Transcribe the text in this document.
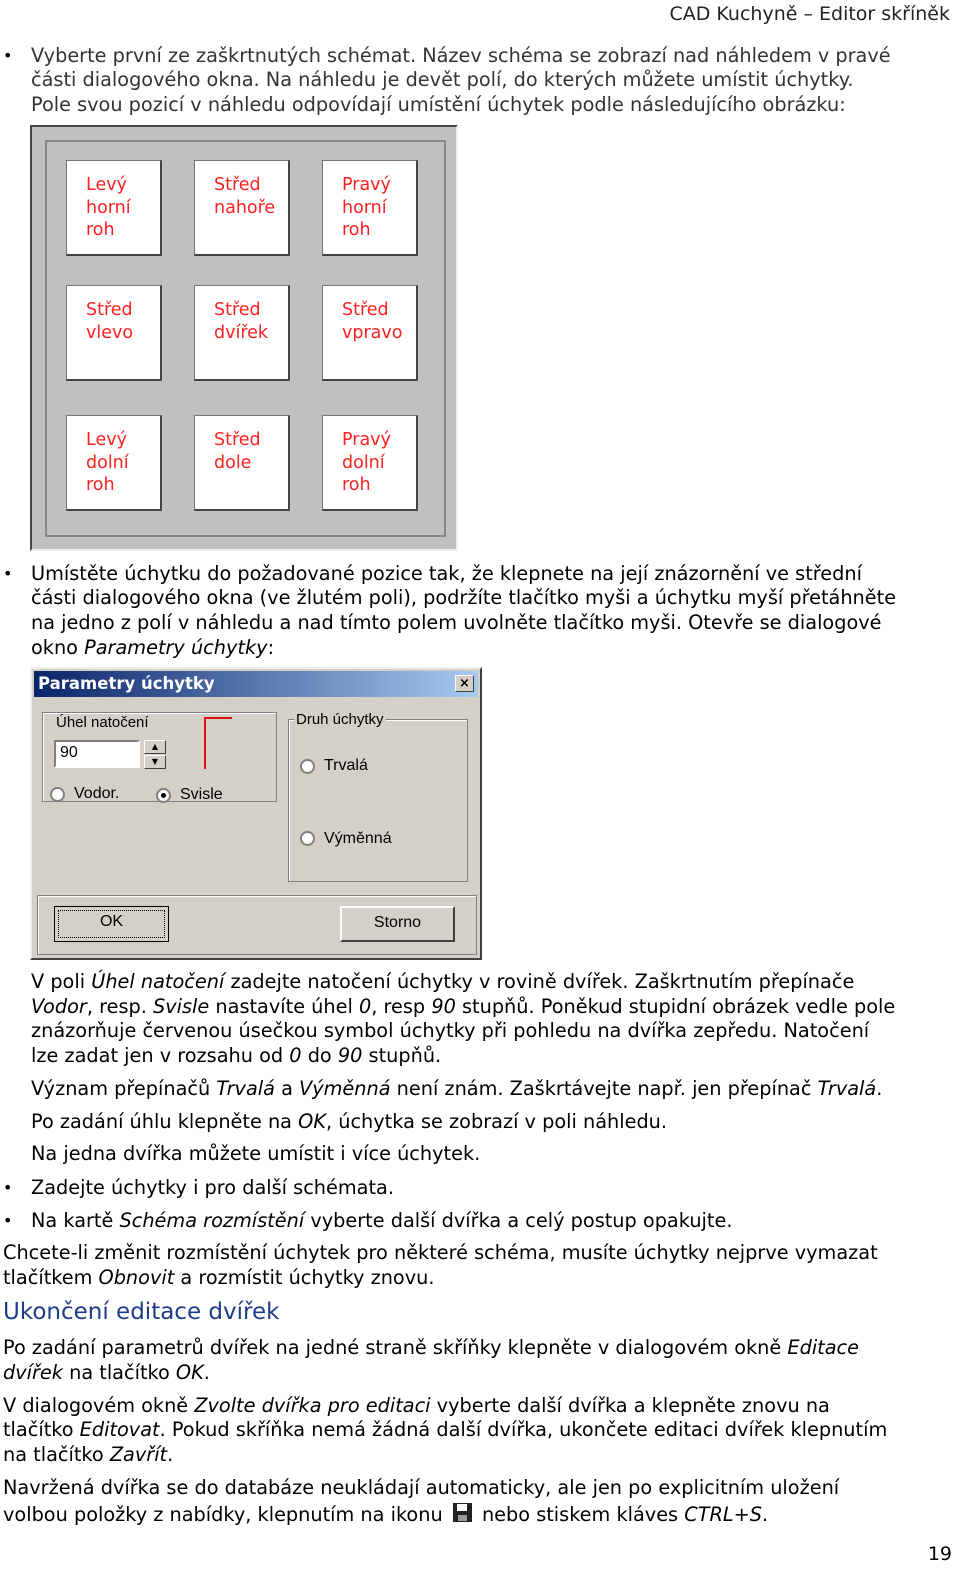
CAD Kuchyně – Editor skříněk
• Vyberte první ze zaškrtnutých schémat. Název schéma se zobrazí nad náhledem v pravé
části dialogového okna. Na náhledu je devět polí, do kterých můžete umístit úchytky.
Pole svou pozicí v náhledu odpovídají umístění úchytek podle následujícího obrázku:
Levý
horní
roh
Střed
nahoře
Pravý
horní
roh
Střed
vlevo
Střed
dvířek
Střed
vpravo
Levý
dolní
roh
Střed
dole
Pravý
dolní
roh
• Umístěte úchytku do požadované pozice tak, že klepnete na její znázornění ve střední
části dialogového okna (ve žlutém poli), podržíte tlačítko myši a úchytku myší přetáhněte
na jedno z polí v náhledu a nad tímto polem uvolněte tlačítko myši. Otevře se dialogové
okno Parametry úchytky:
Parametry úchytky	×
Úhel natočení
90	▲
▼
Vodor.	Svisle
Druh úchytky
Trvalá
Výměnná
OK	Storno
V poli Úhel natočení zadejte natočení úchytky v rovině dvířek. Zaškrtnutím přepínače
Vodor, resp. Svisle nastavíte úhel 0, resp 90 stupňů. Poněkud stupidní obrázek vedle pole
znázorňuje červenou úsečkou symbol úchytky při pohledu na dvířka zepředu. Natočení
lze zadat jen v rozsahu od 0 do 90 stupňů.
Význam přepínačů Trvalá a Výměnná není znám. Zaškrtávejte např. jen přepínač Trvalá.
Po zadání úhlu klepněte na OK, úchytka se zobrazí v poli náhledu.
Na jedna dvířka můžete umístit i více úchytek.
• Zadejte úchytky i pro další schémata.
• Na kartě Schéma rozmístění vyberte další dvířka a celý postup opakujte.
Chcete-li změnit rozmístění úchytek pro některé schéma, musíte úchytky nejprve vymazat
tlačítkem Obnovit a rozmístit úchytky znovu.
Ukončení editace dvířek
Po zadání parametrů dvířek na jedné straně skříňky klepněte v dialogovém okně Editace
dvířek na tlačítko OK.
V dialogovém okně Zvolte dvířka pro editaci vyberte další dvířka a klepněte znovu na
tlačítko Editovat. Pokud skříňka nemá žádná další dvířka, ukončete editaci dvířek klepnutím
na tlačítko Zavřít.
Navržená dvířka se do databáze neukládají automaticky, ale jen po explicitním uložení
volbou položky z nabídky, klepnutím na ikonu  nebo stiskem kláves CTRL+S.
19
